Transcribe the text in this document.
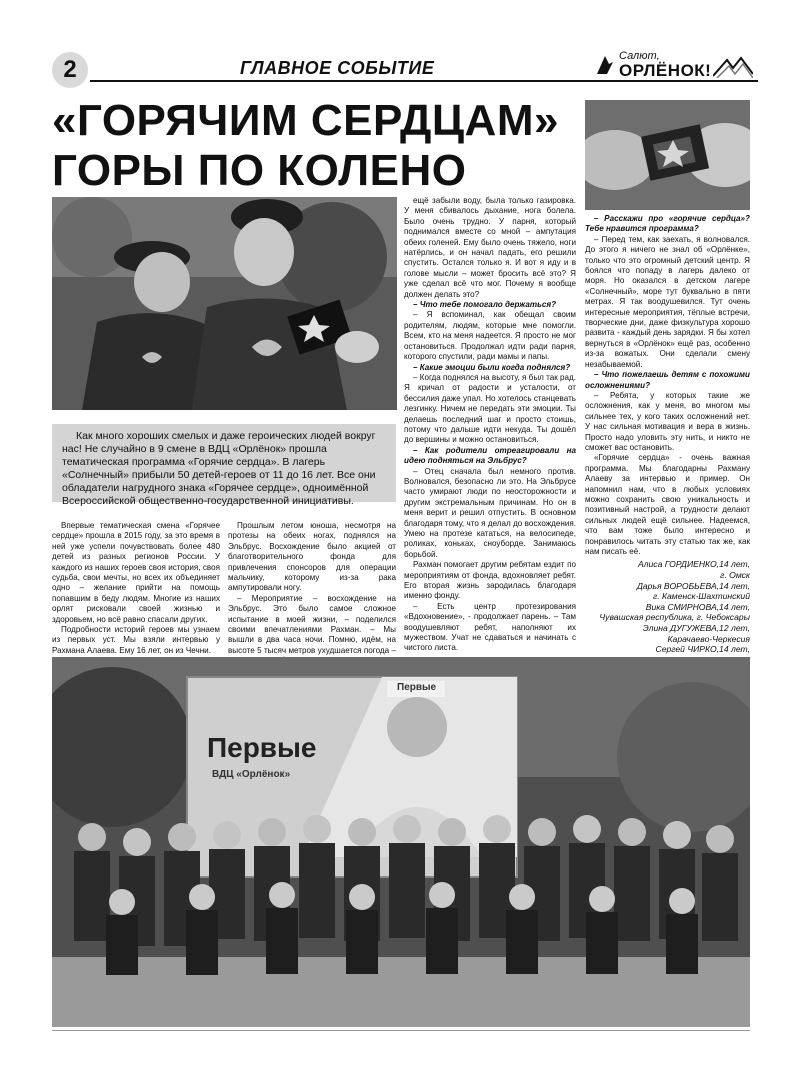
2	ГЛАВНОЕ СОБЫТИЕ
Салют,
ОРЛЁНОК!
«ГОРЯЧИМ СЕРДЦАМ»
ГОРЫ ПО КОЛЕНО
Как много хороших смелых и даже героических людей вокруг нас! Не случайно в 9 смене в ВДЦ «Орлёнок» прошла тематическая программа «Горячие сердца». В лагерь «Солнечный» прибыли 50 детей-героев от 11 до 16 лет. Все они обладатели нагрудного знака «Горячее сердце», одноимённой Всероссийской общественно-государственной инициативы.

Впервые тематическая смена «Горячее сердце» прошла в 2015 году, за это время в ней уже успели почувствовать более 480 детей из разных регионов России. У каждого из наших героев своя история, своя судьба, свои мечты, но всех их объединяет одно – желание прийти на помощь попавшим в беду людям. Многие из наших орлят рисковали своей жизнью и здоровьем, но всё равно спасали других.

Подробности историй героев мы узнаем из первых уст. Мы взяли интервью у Рахмана Алаева. Ему 16 лет, он из Чечни.

Прошлым летом юноша, несмотря на протезы на обеих ногах, поднялся на Эльбрус. Восхождение было акцией от благотворительного фонда для привлечения спонсоров для операции мальчику, которому из-за рака ампутировали ногу.

– Мероприятие – восхождение на Эльбрус. Это было самое сложное испытание в моей жизни, – поделился своими впечатлениями Рахман. – Мы вышли в два часа ночи. Помню, идём, на высоте 5 тысяч метров ухудшается погода –

ещё забыли воду, была только газировка. У меня сбивалось дыхание, нога болела. Было очень трудно. У парня, который поднимался вместе со мной – ампутация обеих голеней. Ему было очень тяжело, ноги натёрлись, и он начал падать, его решили спустить. Остался только я. И вот я иду и в голове мысли – может бросить всё это? Я уже сделал всё что мог. Почему я вообще должен делать это?

– Что тебе помогало держаться?

– Я вспоминал, как обещал своим родителям, людям, которые мне помогли. Всем, кто на меня надеется. Я просто не мог остановиться. Продолжал идти ради парня, которого спустили, ради мамы и папы.

– Какие эмоции были когда поднялся?

– Когда поднялся на высоту, я был так рад. Я кричал от радости и усталости, от бессилия даже упал. Но хотелось станцевать лезгинку. Ничем не передать эти эмоции. Ты делаешь последний шаг и просто стоишь, потому что дальше идти некуда. Ты дошёл до вершины и можно остановиться.

– Как родители отреагировали на идею подняться на Эльбрус?

– Отец сначала был немного против. Волновался, безопасно ли это. На Эльбрусе часто умирают люди по неосторожности и другим экстремальным причинам. Но он в меня верит и решил отпустить. В основном благодаря тому, что я делал до восхождения. Умею на протезе кататься, на велосипеде, роликах, коньках, сноуборде. Занимаюсь борьбой.

Рахман помогает другим ребятам ездит по мероприятиям от фонда, вдохновляет ребят. Его вторая жизнь зародилась благодаря именно фонду.

– Есть центр протезирования «Вдохновение», - продолжает парень. – Там воодушевляют ребят, наполняют их мужеством. Учат не сдаваться и начинать с чистого листа.

– Расскажи про «горячие сердца»? Тебе нравится программа?

– Перед тем, как заехать, я волновался. До этого я ничего не знал об «Орлёнке», только что это огромный детский центр. Я боялся что попаду в лагерь далеко от моря. Но оказался в детском лагере «Солнечный», море тут буквально в пяти метрах. Я так воодушевился. Тут очень интересные мероприятия, тёплые встречи, творческие дни, даже физкультура хорошо развита - каждый день зарядки. Я бы хотел вернуться в «Орлёнок» ещё раз, особенно из-за вожатых. Они сделали смену незабываемой.

– Что пожелаешь детям с похожими осложнениями?

– Ребята, у которых такие же осложнения, как у меня, во многом мы сильнее тех, у кого таких осложнений нет. У нас сильная мотивация и вера в жизнь. Просто надо уловить эту нить, и никто не сможет вас остановить.

«Горячие сердца» - очень важная программа. Мы благодарны Рахману Алаеву за интервью и пример. Он напомнил нам, что в любых условиях можно сохранить свою уникальность и позитивный настрой, а трудности делают сильных людей ещё сильнее. Надеемся, что вам тоже было интересно и понравилось читать эту статью так же, как нам писать её.

Алиса ГОРДИЕНКО,14 лет,
г. Омск
Дарья ВОРОБЬЕВА,14 лет,
г. Каменск-Шахтинский
Вика СМИРНОВА,14 лет,
Чувашская республика, г. Чебоксары
Элина ДУГУЖЕВА,12 лет,
Карачаево-Черкесия
Сергей ЧИРКО,14 лет,
Первые
Первые
ВДЦ «Орлёнок»
